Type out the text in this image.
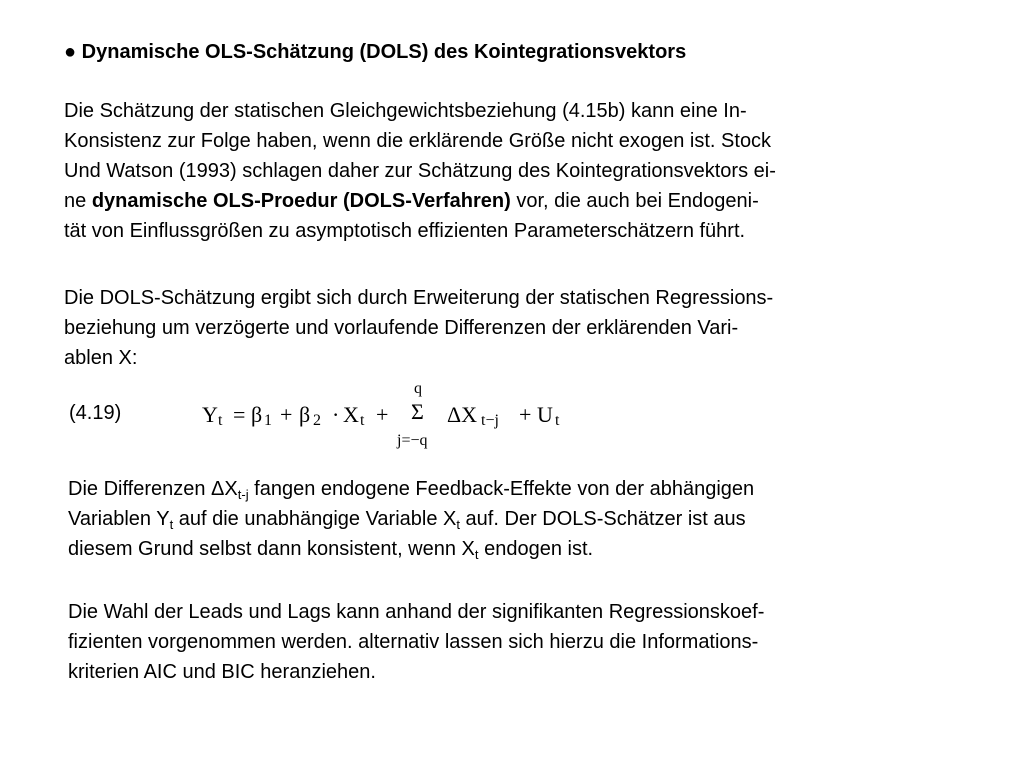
● Dynamische OLS-Schätzung (DOLS) des Kointegrationsvektors
Die Schätzung der statischen Gleichgewichtsbeziehung (4.15b) kann eine In-
Konsistenz zur Folge haben, wenn die erklärende Größe nicht exogen ist. Stock
Und Watson (1993) schlagen daher zur Schätzung des Kointegrationsvektors ei-
ne dynamische OLS-Proedur (DOLS-Verfahren) vor, die auch bei Endogeni-
tät von Einflussgrößen zu asymptotisch effizienten Parameterschätzern führt.
Die DOLS-Schätzung ergibt sich durch Erweiterung der statischen Regressions-
beziehung um verzögerte und vorlaufende Differenzen der erklärenden Vari-
ablen X:
(4.19)	Y t = β 1 + β 2 · X t +
q
Σ
j=−q
ΔX t−j + U t
Die Differenzen $\Delta X_{t-j}$ fangen endogene Feedback-Effekte von der abhängigen
Variablen $Y_t$ auf die unabhängige Variable $X_t$ auf. Der DOLS-Schätzer ist aus
diesem Grund selbst dann konsistent, wenn $X_t$ endogen ist.
Die Wahl der Leads und Lags kann anhand der signifikanten Regressionskoef-
fizienten vorgenommen werden. alternativ lassen sich hierzu die Informations-
kriterien AIC und BIC heranziehen.
